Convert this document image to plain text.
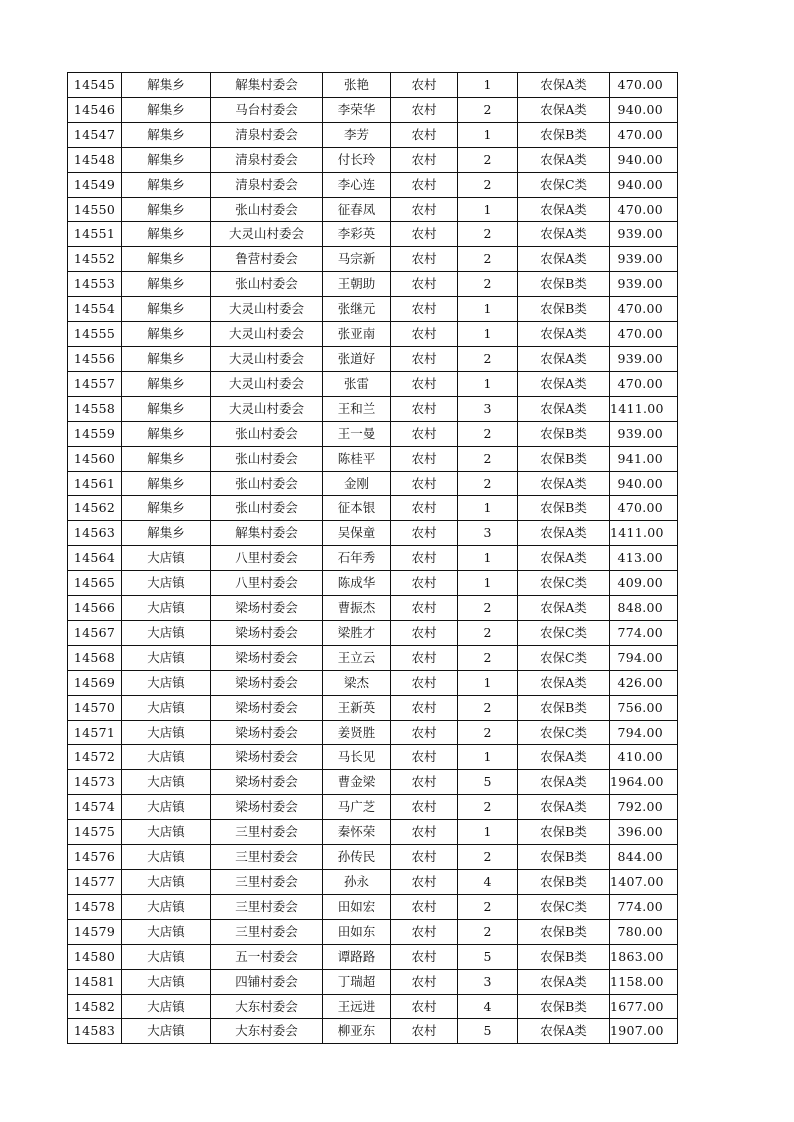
14545	解集乡	解集村委会	张艳	农村	1	农保A类	470.00
14546	解集乡	马台村委会	李荣华	农村	2	农保A类	940.00
14547	解集乡	清泉村委会	李芳	农村	1	农保B类	470.00
14548	解集乡	清泉村委会	付长玲	农村	2	农保A类	940.00
14549	解集乡	清泉村委会	李心连	农村	2	农保C类	940.00
14550	解集乡	张山村委会	征春凤	农村	1	农保A类	470.00
14551	解集乡	大灵山村委会	李彩英	农村	2	农保A类	939.00
14552	解集乡	鲁营村委会	马宗新	农村	2	农保A类	939.00
14553	解集乡	张山村委会	王朝助	农村	2	农保B类	939.00
14554	解集乡	大灵山村委会	张继元	农村	1	农保B类	470.00
14555	解集乡	大灵山村委会	张亚南	农村	1	农保A类	470.00
14556	解集乡	大灵山村委会	张道好	农村	2	农保A类	939.00
14557	解集乡	大灵山村委会	张雷	农村	1	农保A类	470.00
14558	解集乡	大灵山村委会	王和兰	农村	3	农保A类	1411.00
14559	解集乡	张山村委会	王一曼	农村	2	农保B类	939.00
14560	解集乡	张山村委会	陈桂平	农村	2	农保B类	941.00
14561	解集乡	张山村委会	金刚	农村	2	农保A类	940.00
14562	解集乡	张山村委会	征本银	农村	1	农保B类	470.00
14563	解集乡	解集村委会	吴保童	农村	3	农保A类	1411.00
14564	大店镇	八里村委会	石年秀	农村	1	农保A类	413.00
14565	大店镇	八里村委会	陈成华	农村	1	农保C类	409.00
14566	大店镇	梁场村委会	曹振杰	农村	2	农保A类	848.00
14567	大店镇	梁场村委会	梁胜才	农村	2	农保C类	774.00
14568	大店镇	梁场村委会	王立云	农村	2	农保C类	794.00
14569	大店镇	梁场村委会	梁杰	农村	1	农保A类	426.00
14570	大店镇	梁场村委会	王新英	农村	2	农保B类	756.00
14571	大店镇	梁场村委会	姜贤胜	农村	2	农保C类	794.00
14572	大店镇	梁场村委会	马长见	农村	1	农保A类	410.00
14573	大店镇	梁场村委会	曹金梁	农村	5	农保A类	1964.00
14574	大店镇	梁场村委会	马广芝	农村	2	农保A类	792.00
14575	大店镇	三里村委会	秦怀荣	农村	1	农保B类	396.00
14576	大店镇	三里村委会	孙传民	农村	2	农保B类	844.00
14577	大店镇	三里村委会	孙永	农村	4	农保B类	1407.00
14578	大店镇	三里村委会	田如宏	农村	2	农保C类	774.00
14579	大店镇	三里村委会	田如东	农村	2	农保B类	780.00
14580	大店镇	五一村委会	谭路路	农村	5	农保B类	1863.00
14581	大店镇	四铺村委会	丁瑞超	农村	3	农保A类	1158.00
14582	大店镇	大东村委会	王远进	农村	4	农保B类	1677.00
14583	大店镇	大东村委会	柳亚东	农村	5	农保A类	1907.00
